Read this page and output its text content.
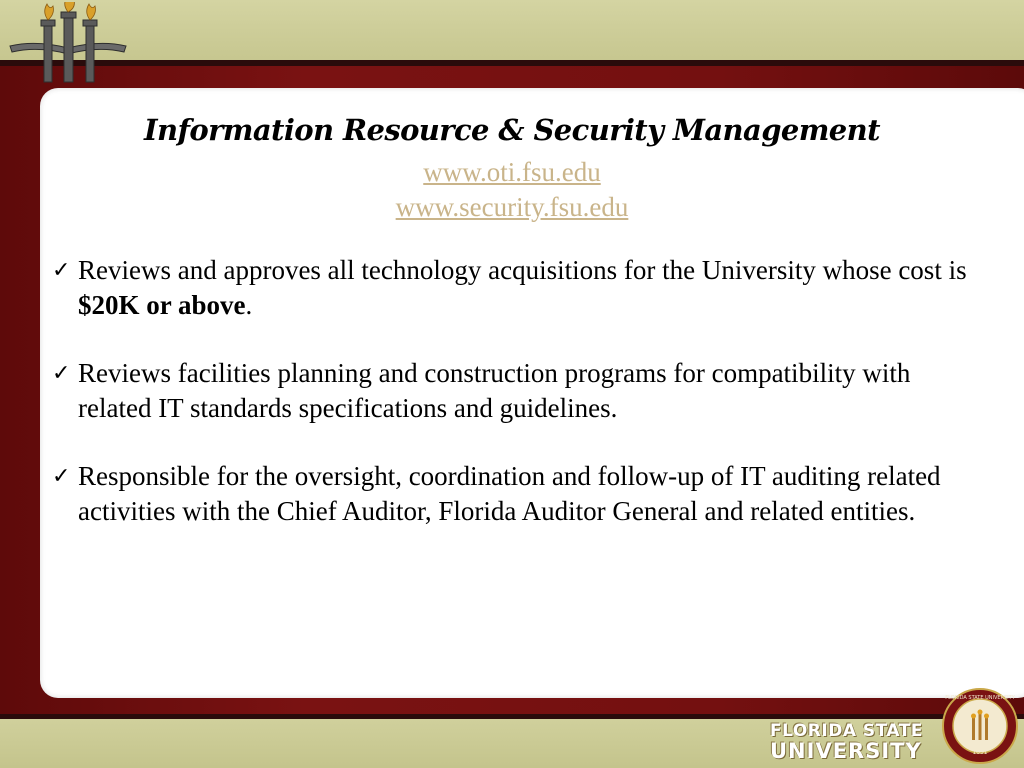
Information Resource & Security Management
www.oti.fsu.edu
www.security.fsu.edu
✓ Reviews and approves all technology acquisitions for the University whose cost is $20K or above.
✓ Reviews facilities planning and construction programs for compatibility with related IT standards specifications and guidelines.
✓ Responsible for the oversight, coordination and follow-up of IT auditing related activities with the Chief Auditor, Florida Auditor General and related entities.
FLORIDA STATE
UNIVERSITY	1851
FLORIDA STATE UNIVERSITY
